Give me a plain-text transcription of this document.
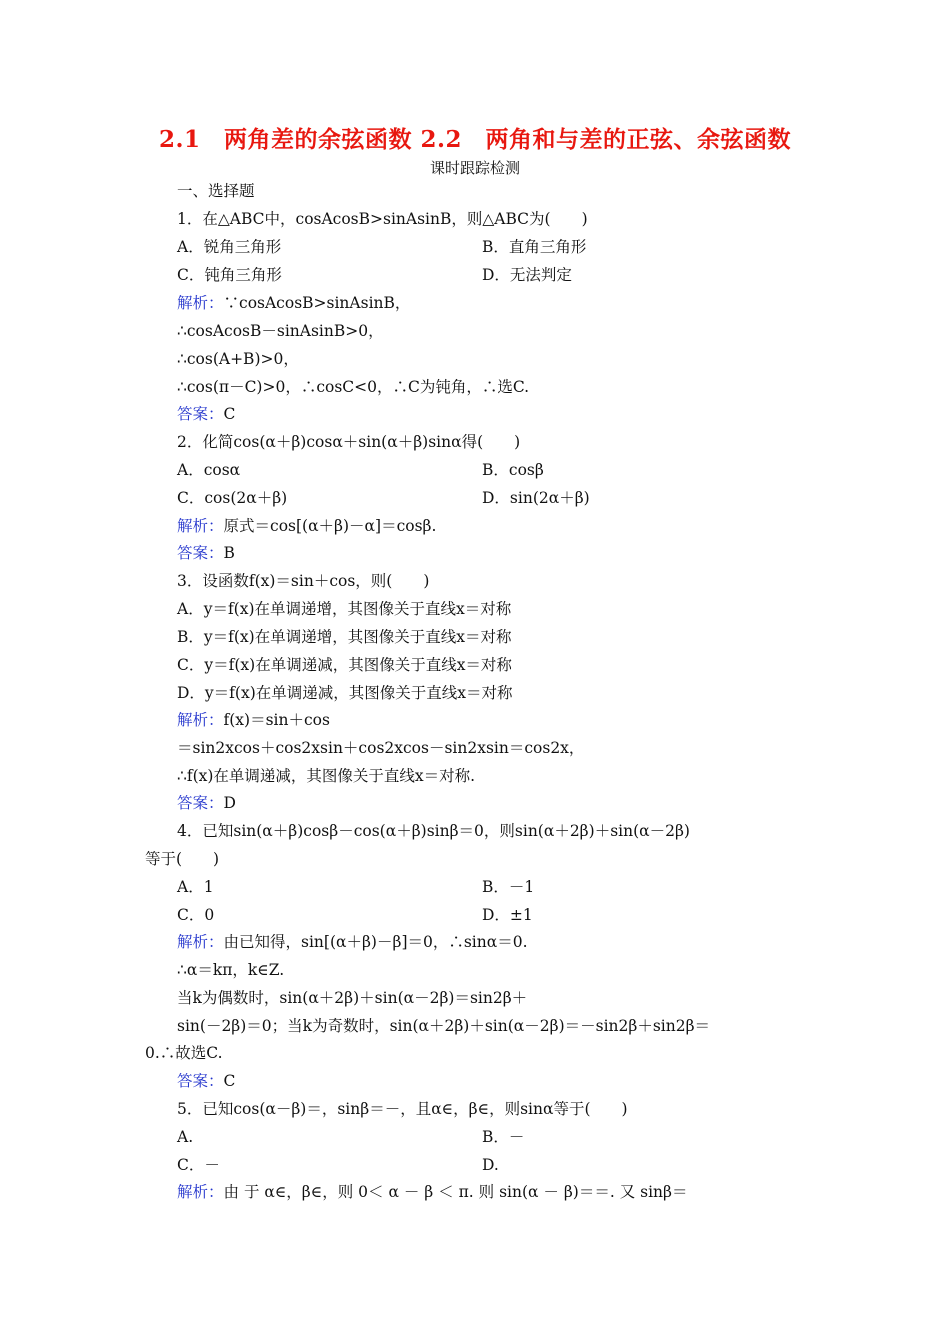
2.1　两角差的余弦函数 2.2　两角和与差的正弦、余弦函数
课时跟踪检测
一、选择题
1．在△ABC中，cosAcosB>sinAsinB，则△ABC为(　　)
A．锐角三角形	B．直角三角形
C．钝角三角形	D．无法判定
解析：∵cosAcosB>sinAsinB，
∴cosAcosB－sinAsinB>0，
∴cos(A+B)>0，
∴cos(π－C)>0，∴cosC<0，∴C为钝角，∴选C.
答案：C
2．化简cos(α＋β)cosα＋sin(α＋β)sinα得(　　)
A．cosα	B．cosβ
C．cos(2α＋β)	D．sin(2α＋β)
解析：原式＝cos[(α＋β)－α]＝cosβ.
答案：B
3．设函数f(x)＝sin＋cos，则(　　)
A．y＝f(x)在单调递增，其图像关于直线x＝对称
B．y＝f(x)在单调递增，其图像关于直线x＝对称
C．y＝f(x)在单调递减，其图像关于直线x＝对称
D．y＝f(x)在单调递减，其图像关于直线x＝对称
解析：f(x)＝sin＋cos
＝sin2xcos＋cos2xsin＋cos2xcos－sin2xsin＝cos2x，
∴f(x)在单调递减，其图像关于直线x＝对称.
答案：D
4．已知sin(α＋β)cosβ－cos(α＋β)sinβ＝0，则sin(α＋2β)＋sin(α－2β)
等于(　　)
A．1	B．－1
C．0	D．±1
解析：由已知得，sin[(α＋β)－β]＝0，∴sinα＝0.
∴α＝kπ，k∈Z.
当k为偶数时，sin(α＋2β)＋sin(α－2β)＝sin2β＋
sin(－2β)＝0；当k为奇数时，sin(α＋2β)＋sin(α－2β)＝－sin2β＋sin2β＝
0.∴故选C.
答案：C
5．已知cos(α－β)＝，sinβ＝－，且α∈，β∈，则sinα等于(　　)
A.	B．－
C．－	D.
解析：由 于 α∈，β∈，则 0＜ α － β ＜ π. 则 sin(α － β)＝＝. 又 sinβ＝
